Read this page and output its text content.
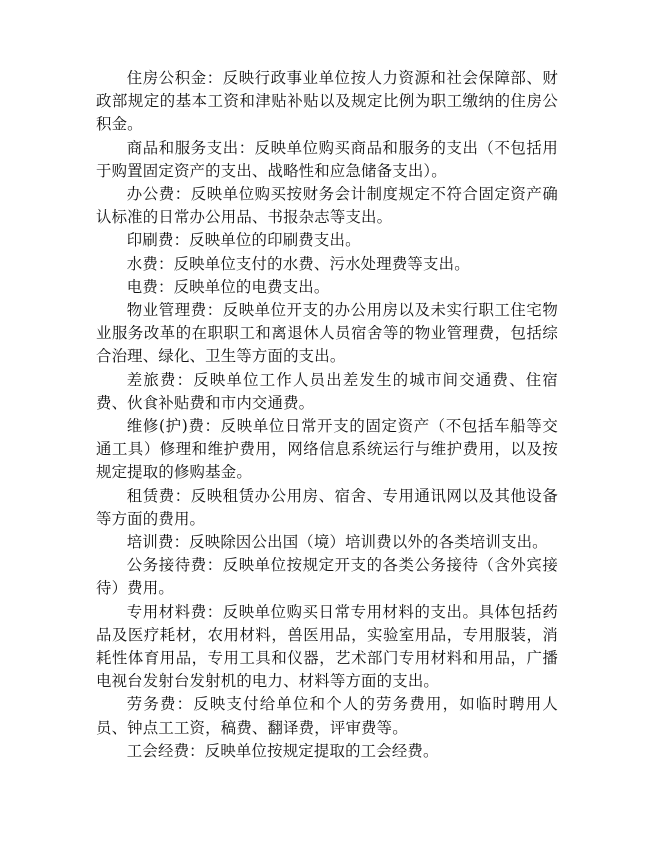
住房公积金：反映行政事业单位按人力资源和社会保障部、财政部规定的基本工资和津贴补贴以及规定比例为职工缴纳的住房公积金。

商品和服务支出：反映单位购买商品和服务的支出（不包括用于购置固定资产的支出、战略性和应急储备支出）。

办公费：反映单位购买按财务会计制度规定不符合固定资产确认标准的日常办公用品、书报杂志等支出。

印刷费：反映单位的印刷费支出。

水费：反映单位支付的水费、污水处理费等支出。

电费：反映单位的电费支出。

物业管理费：反映单位开支的办公用房以及未实行职工住宅物业服务改革的在职职工和离退休人员宿舍等的物业管理费，包括综合治理、绿化、卫生等方面的支出。

差旅费：反映单位工作人员出差发生的城市间交通费、住宿费、伙食补贴费和市内交通费。

维修(护)费：反映单位日常开支的固定资产（不包括车船等交通工具）修理和维护费用，网络信息系统运行与维护费用，以及按规定提取的修购基金。

租赁费：反映租赁办公用房、宿舍、专用通讯网以及其他设备等方面的费用。

培训费：反映除因公出国（境）培训费以外的各类培训支出。

公务接待费：反映单位按规定开支的各类公务接待（含外宾接待）费用。

专用材料费：反映单位购买日常专用材料的支出。具体包括药品及医疗耗材，农用材料，兽医用品，实验室用品，专用服装，消耗性体育用品，专用工具和仪器，艺术部门专用材料和用品，广播电视台发射台发射机的电力、材料等方面的支出。

劳务费：反映支付给单位和个人的劳务费用，如临时聘用人员、钟点工工资，稿费、翻译费，评审费等。

工会经费：反映单位按规定提取的工会经费。
